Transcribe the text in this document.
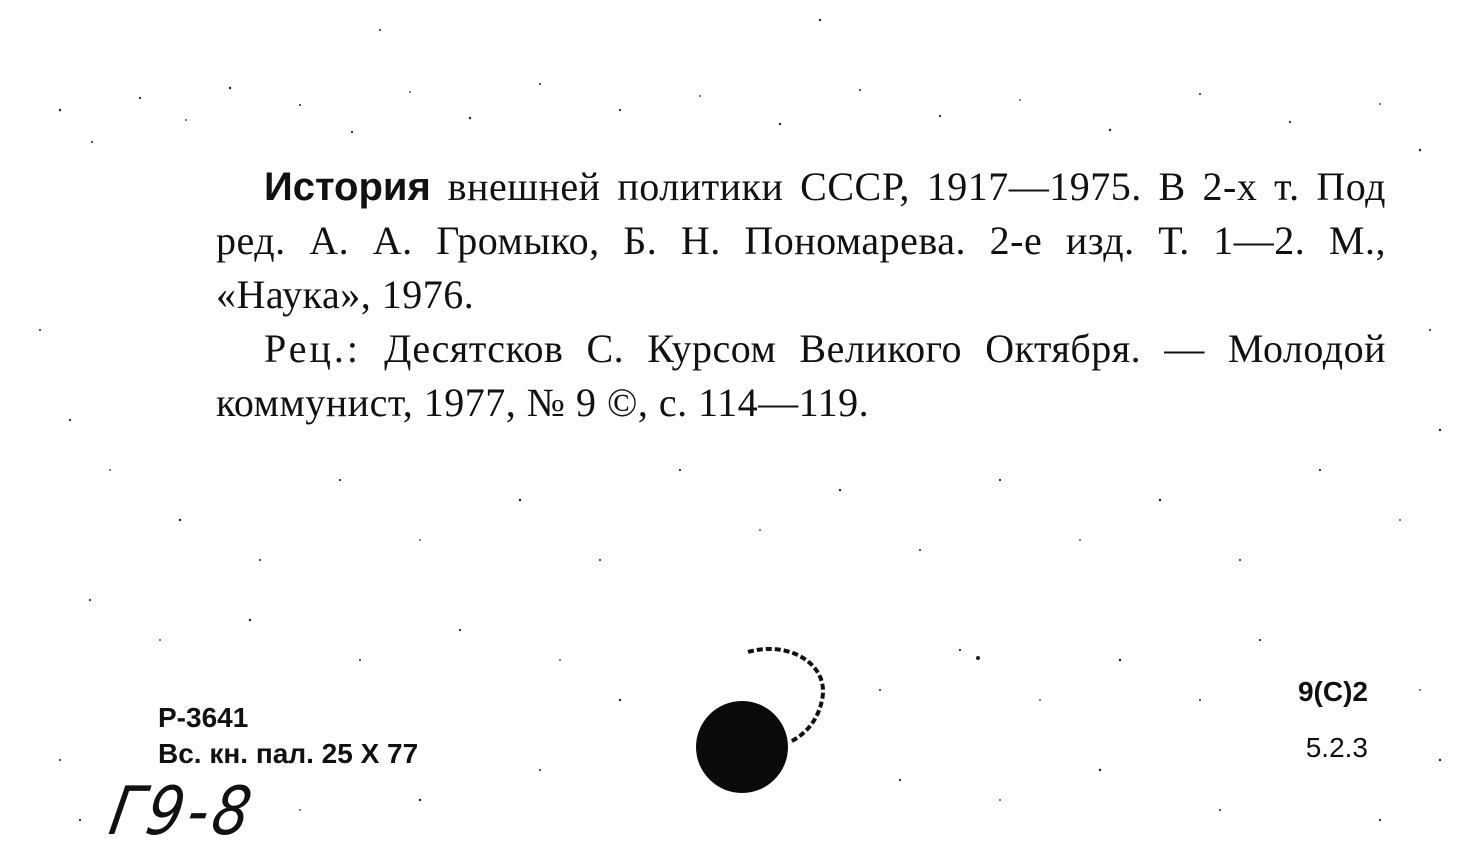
История внешней политики СССР, 1917—1975. В 2-х т. Под ред. А. А. Громыко, Б. Н. Пономарева. 2-е изд. Т. 1—2. М., «Наука», 1976.

Рец.: Десятсков С. Курсом Великого Октября. — Молодой коммунист, 1977, № 9 ©, с. 114—119.

Р-3641
Вс. кн. пал. 25 X 77
Г9-8
9(С)2
5.2.3
